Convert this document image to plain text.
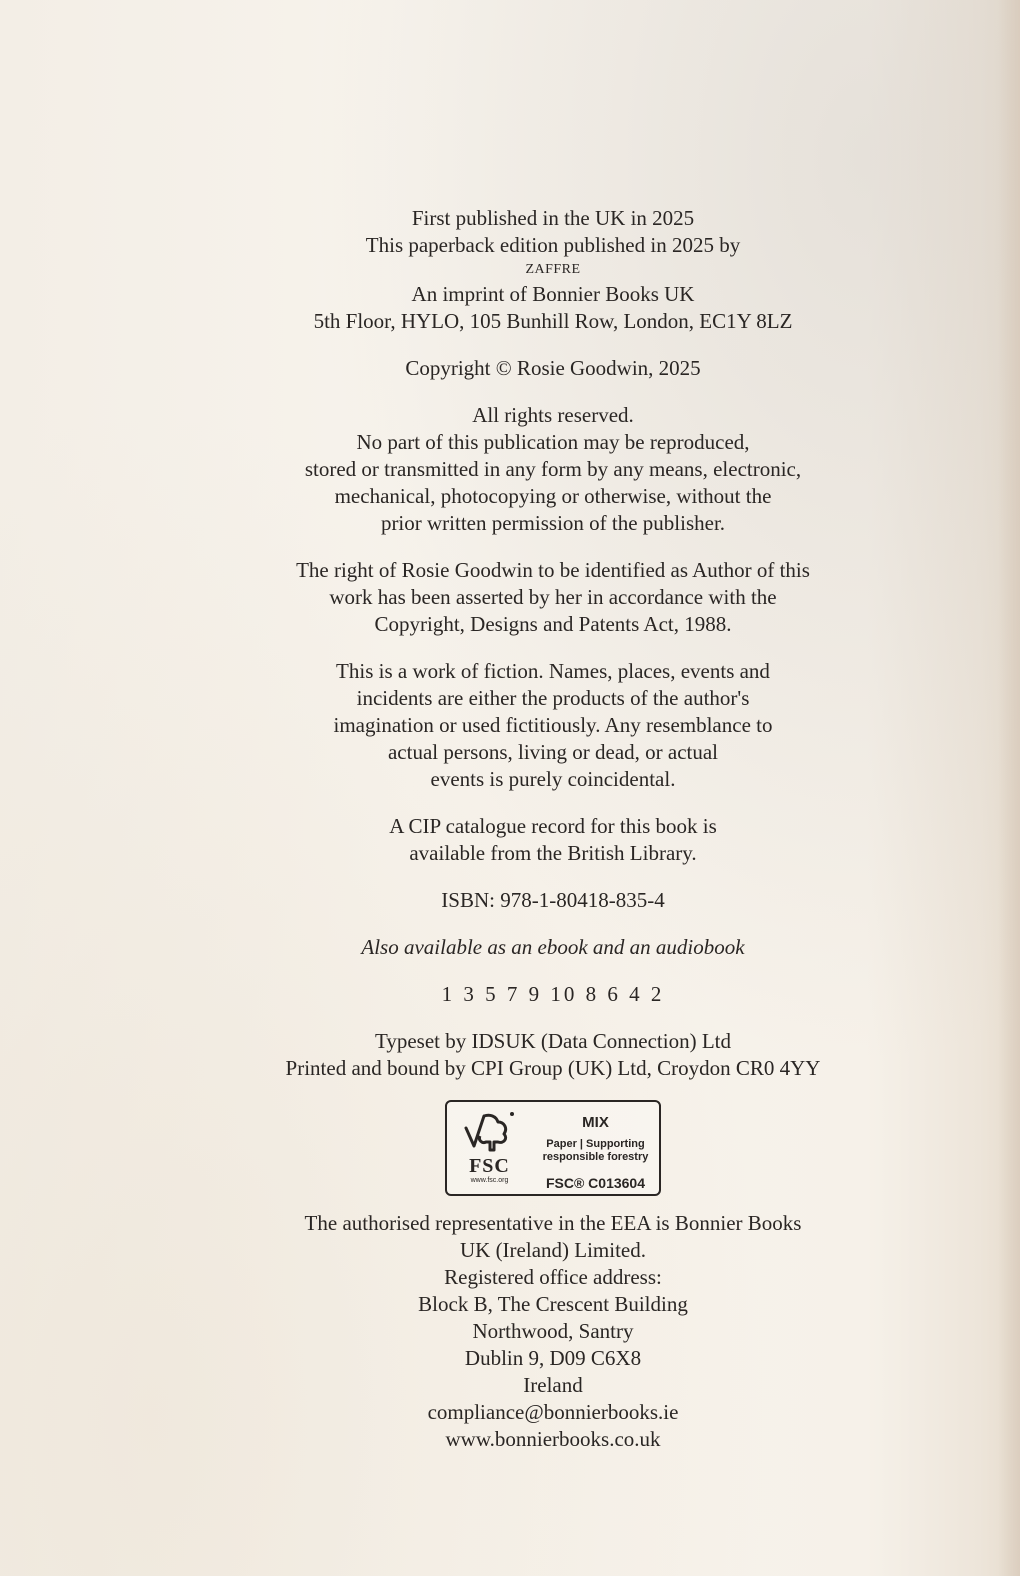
First published in the UK in 2025
This paperback edition published in 2025 by
ZAFFRE
An imprint of Bonnier Books UK
5th Floor, HYLO, 105 Bunhill Row, London, EC1Y 8LZ
Copyright © Rosie Goodwin, 2025
All rights reserved.
No part of this publication may be reproduced,
stored or transmitted in any form by any means, electronic,
mechanical, photocopying or otherwise, without the
prior written permission of the publisher.
The right of Rosie Goodwin to be identified as Author of this
work has been asserted by her in accordance with the
Copyright, Designs and Patents Act, 1988.
This is a work of fiction. Names, places, events and
incidents are either the products of the author's
imagination or used fictitiously. Any resemblance to
actual persons, living or dead, or actual
events is purely coincidental.
A CIP catalogue record for this book is
available from the British Library.
ISBN: 978-1-80418-835-4
Also available as an ebook and an audiobook
1 3 5 7 9 10 8 6 4 2
Typeset by IDSUK (Data Connection) Ltd
Printed and bound by CPI Group (UK) Ltd, Croydon CR0 4YY
FSC
www.fsc.org
MIX
Paper | Supporting
responsible forestry
FSC® C013604
The authorised representative in the EEA is Bonnier Books
UK (Ireland) Limited.
Registered office address:
Block B, The Crescent Building
Northwood, Santry
Dublin 9, D09 C6X8
Ireland
compliance@bonnierbooks.ie
www.bonnierbooks.co.uk
